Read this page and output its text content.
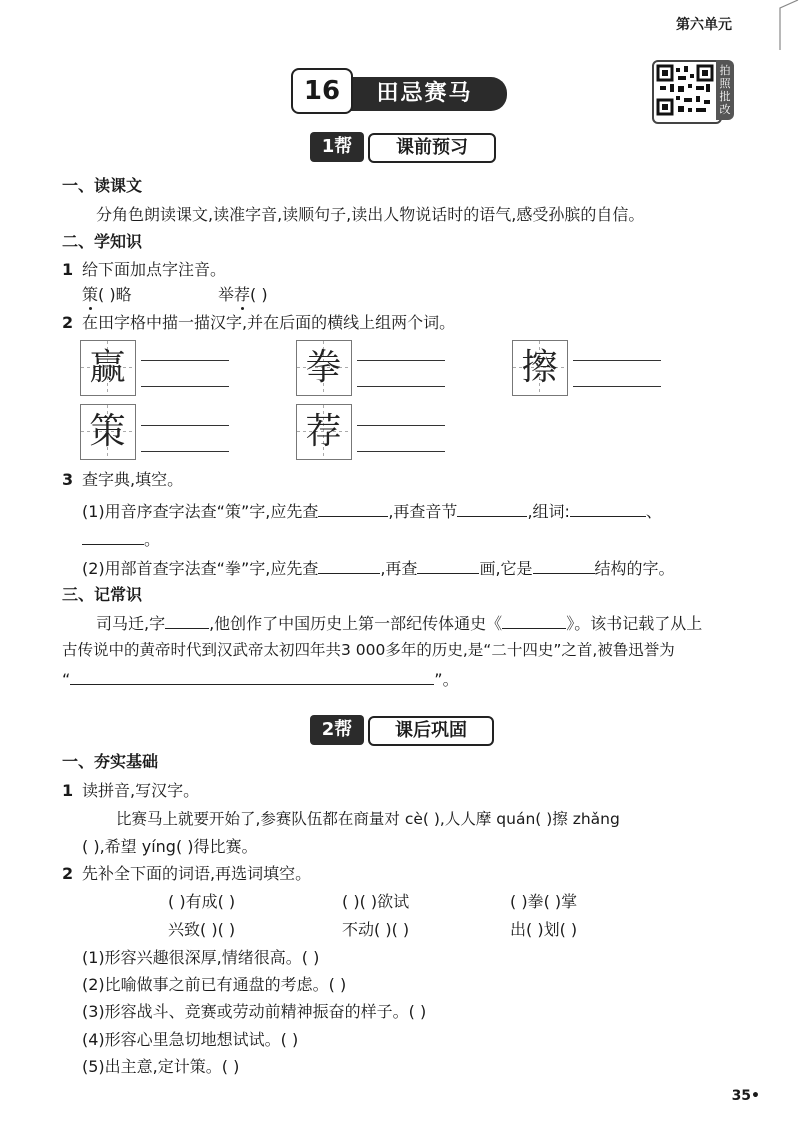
第六单元
田忌赛马
16
拍照批改
课前预习
1帮
一、读课文
分角色朗读课文,读准字音,读顺句子,读出人物说话时的语气,感受孙膑的自信。
二、学知识
1 给下面加点字注音。
策( )略	举荐( )
2 在田字格中描一描汉字,并在后面的横线上组两个词。
赢	拳	擦
策	荐
3 查字典,填空。
(1)用音序查字法查“策”字,应先查	,再查音节	,组词:	、
。
(2)用部首查字法查“拳”字,应先查	,再查	画,它是	结构的字。
三、记常识
司马迁,字	,他创作了中国历史上第一部纪传体通史《	》。该书记载了从上
古传说中的黄帝时代到汉武帝太初四年共3 000多年的历史,是“二十四史”之首,被鲁迅誉为
“	”。
课后巩固
2帮
一、夯实基础
1 读拼音,写汉字。
比赛马上就要开始了,参赛队伍都在商量对 cè( ),人人摩 quán( )擦 zhǎng
( ),希望 yíng( )得比赛。
2 先补全下面的词语,再选词填空。
( )有成( )	( )( )欲试	( )拳( )掌
兴致( )( )	不动( )( )	出( )划( )
(1)形容兴趣很深厚,情绪很高。( )
(2)比喻做事之前已有通盘的考虑。( )
(3)形容战斗、竞赛或劳动前精神振奋的样子。( )
(4)形容心里急切地想试试。( )
(5)出主意,定计策。( )
35•
